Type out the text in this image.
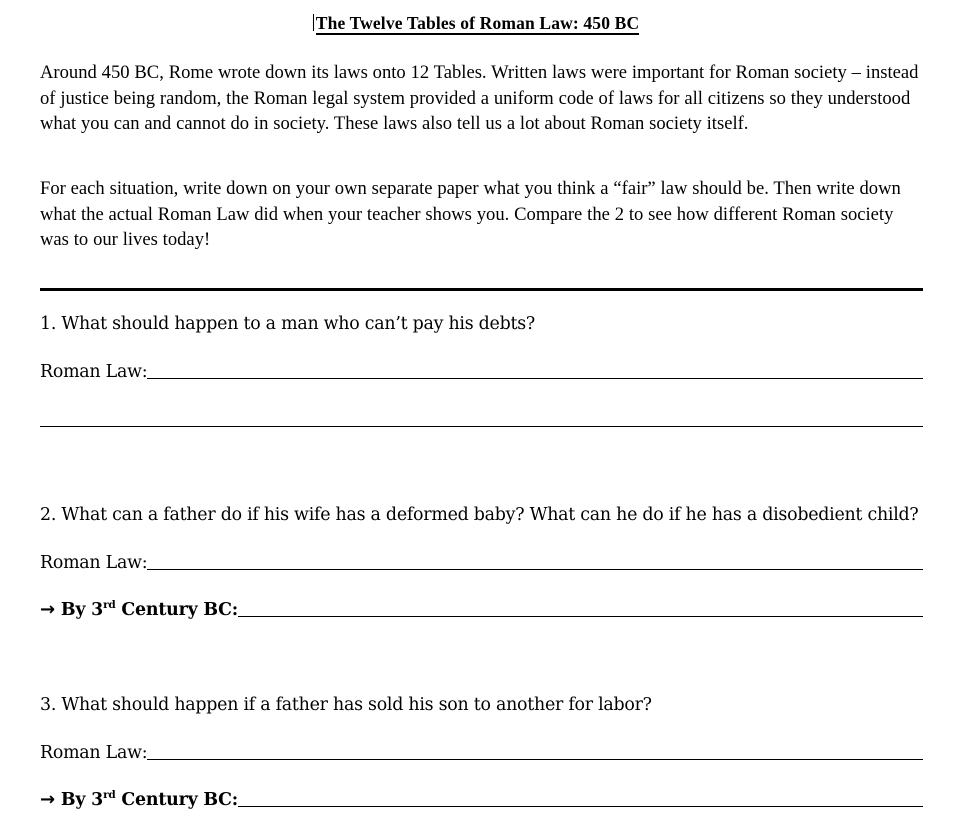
The Twelve Tables of Roman Law: 450 BC
Around 450 BC, Rome wrote down its laws onto 12 Tables. Written laws were important for Roman society – instead of justice being random, the Roman legal system provided a uniform code of laws for all citizens so they understood what you can and cannot do in society. These laws also tell us a lot about Roman society itself.
For each situation, write down on your own separate paper what you think a “fair” law should be. Then write down what the actual Roman Law did when your teacher shows you. Compare the 2 to see how different Roman society was to our lives today!
1. What should happen to a man who can’t pay his debts?
Roman Law:
2. What can a father do if his wife has a deformed baby? What can he do if he has a disobedient child?
Roman Law:
→ By 3rd Century BC:
3. What should happen if a father has sold his son to another for labor?
Roman Law:
→ By 3rd Century BC:
